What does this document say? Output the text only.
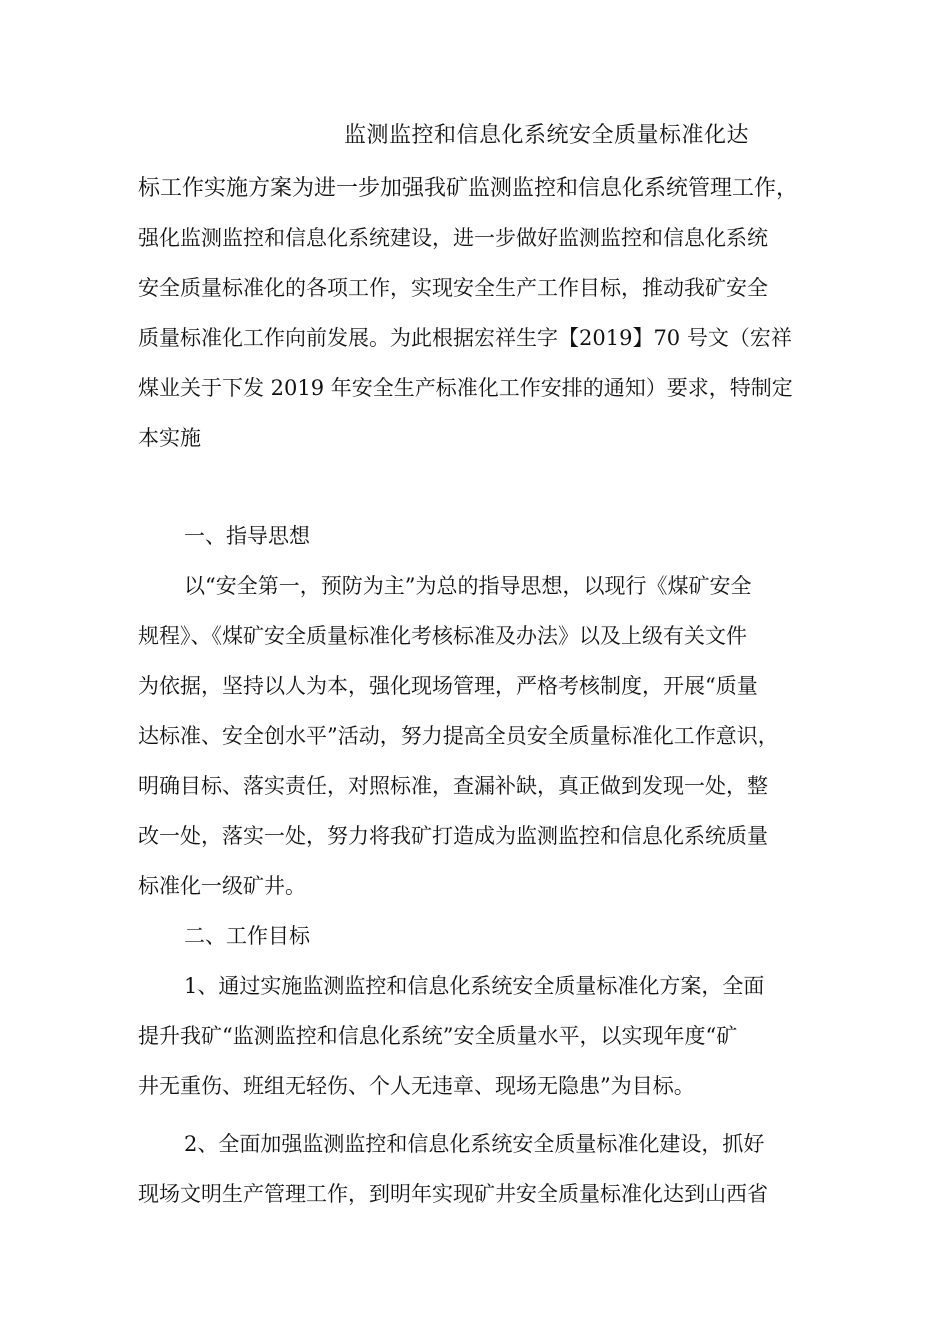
监测监控和信息化系统安全质量标准化达
标工作实施方案为进一步加强我矿监测监控和信息化系统管理工作，
强化监测监控和信息化系统建设，进一步做好监测监控和信息化系统
安全质量标准化的各项工作，实现安全生产工作目标，推动我矿安全
质量标准化工作向前发展。为此根据宏祥生字【2019】70 号文（宏祥
煤业关于下发 2019 年安全生产标准化工作安排的通知）要求，特制定
本实施
一、指导思想
以“安全第一，预防为主”为总的指导思想，以现行《煤矿安全
规程》、《煤矿安全质量标准化考核标准及办法》以及上级有关文件
为依据，坚持以人为本，强化现场管理，严格考核制度，开展“质量
达标准、安全创水平”活动，努力提高全员安全质量标准化工作意识，
明确目标、落实责任，对照标准，查漏补缺，真正做到发现一处，整
改一处，落实一处，努力将我矿打造成为监测监控和信息化系统质量
标准化一级矿井。
二、工作目标
1、通过实施监测监控和信息化系统安全质量标准化方案，全面
提升我矿“监测监控和信息化系统”安全质量水平，以实现年度“矿
井无重伤、班组无轻伤、个人无违章、现场无隐患”为目标。
2、全面加强监测监控和信息化系统安全质量标准化建设，抓好
现场文明生产管理工作，到明年实现矿井安全质量标准化达到山西省
